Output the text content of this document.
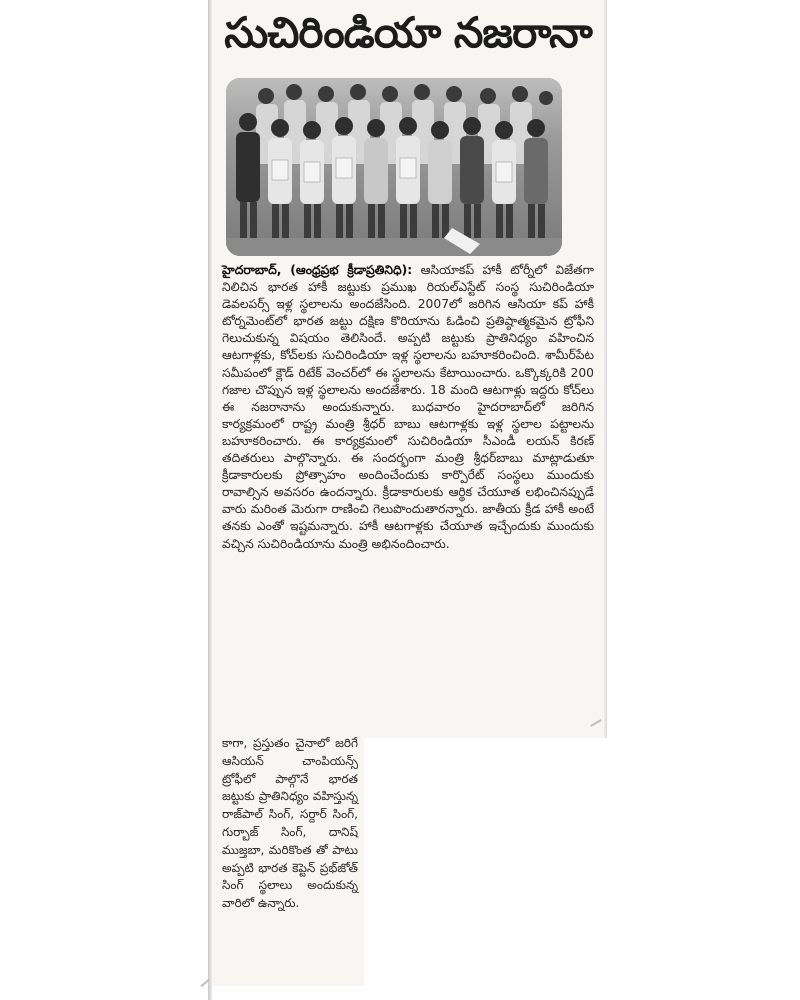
సుచిరిండియా నజరానా

హైదరాబాద్, (ఆంధ్రప్రభ క్రీడాప్రతినిధి): ఆసియాకప్ హాకీ టోర్నీలో విజేతగా నిలిచిన భారత హాకీ జట్టుకు ప్రముఖ రియల్ఎస్టేట్ సంస్థ సుచిరిండియా డెవలపర్స్ ఇళ్ల స్థలాలను అందజేసింది. 2007లో జరిగిన ఆసియా కప్ హాకీ టోర్నమెంట్‌లో భారత జట్టు దక్షిణ కొరియాను ఓడించి ప్రతిష్ఠాత్మకమైన ట్రోఫీని గెలుచుకున్న విషయం తెలిసిందే. అప్పటి జట్టుకు ప్రాతినిధ్యం వహించిన ఆటగాళ్లకు, కోచ్‌లకు సుచిరిండియా ఇళ్ల స్థలాలను బహూకరించింది. శామీర్‌పేట సమీపంలో క్లౌడ్ రిటేక్ వెంచర్‌లో ఈ స్థలాలను కేటాయించారు. ఒక్కొక్కరికి 200 గజాల చొప్పున ఇళ్ల స్థలాలను అందజేశారు. 18 మంది ఆటగాళ్లు ఇద్దరు కోచ్‌లు ఈ నజరానాను అందుకున్నారు. బుధవారం హైదరాబాద్‌లో జరిగిన కార్యక్రమంలో రాష్ట్ర మంత్రి శ్రీధర్ బాబు ఆటగాళ్లకు ఇళ్ల స్థలాల పట్టాలను బహూకరించారు. ఈ కార్యక్రమంలో సుచిరిండియా సీఎండీ లయన్ కిరణ్ తదితరులు పాల్గొన్నారు. ఈ సందర్భంగా మంత్రి శ్రీధర్‌బాబు మాట్లాడుతూ క్రీడాకారులకు ప్రోత్సాహం అందించేందుకు కార్పొరేట్ సంస్థలు ముందుకు రావాల్సిన అవసరం ఉందన్నారు. క్రీడాకారులకు ఆర్థిక చేయూత లభించినప్పుడే వారు మరింత మెరుగా రాణించి గెలుపొందుతారన్నారు. జాతీయ క్రీడ హాకీ అంటే తనకు ఎంతో ఇష్టమన్నారు. హాకీ ఆటగాళ్లకు చేయూత ఇచ్చేందుకు ముందుకు వచ్చిన సుచిరిండియాను మంత్రి అభినందించారు.

కాగా, ప్రస్తుతం చైనాలో జరిగే ఆసియన్ చాంపియన్స్ ట్రోఫీలో పాల్గొనే భారత జట్టుకు ప్రాతినిధ్యం వహిస్తున్న రాజ్‌పాల్ సింగ్, సర్దార్ సింగ్, గుర్బాజ్ సింగ్, దానిష్ ముజ్తబా, మరికొంత తో పాటు అప్పటి భారత కెప్టెన్ ప్రభ్‌జోత్ సింగ్ స్థలాలు అందుకున్న వారిలో ఉన్నారు.
